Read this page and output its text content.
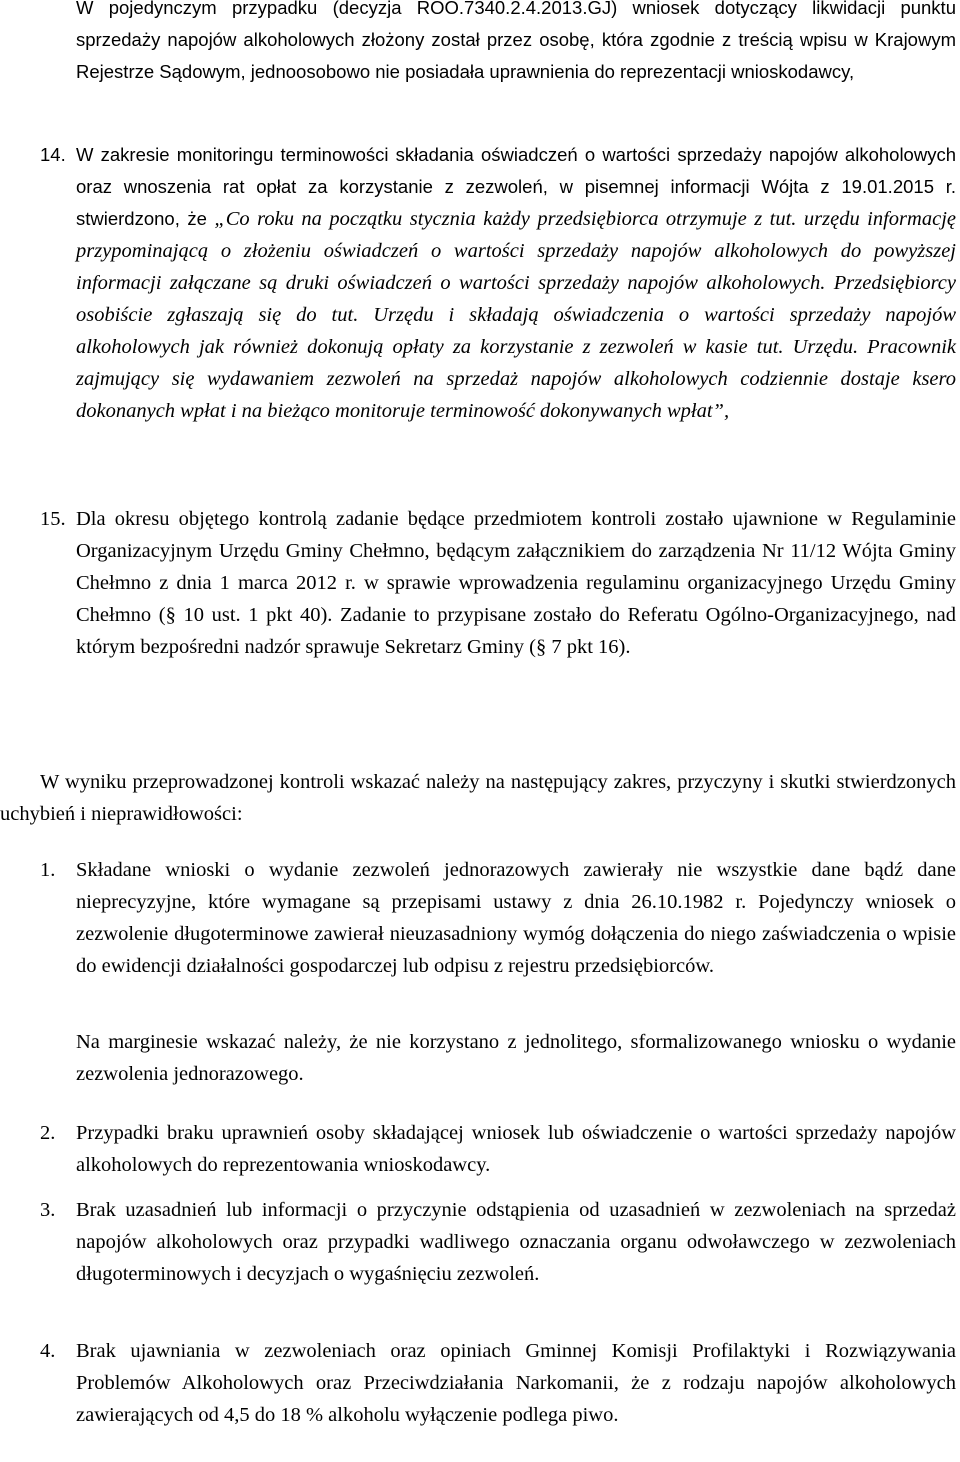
W pojedynczym przypadku (decyzja ROO.7340.2.4.2013.GJ) wniosek dotyczący likwidacji punktu sprzedaży napojów alkoholowych złożony został przez osobę, która zgodnie z treścią wpisu w Krajowym Rejestrze Sądowym, jednoosobowo nie posiadała uprawnienia do reprezentacji wnioskodawcy,

14. W zakresie monitoringu terminowości składania oświadczeń o wartości sprzedaży napojów alkoholowych oraz wnoszenia rat opłat za korzystanie z zezwoleń, w pisemnej informacji Wójta z 19.01.2015 r. stwierdzono, że „Co roku na początku stycznia każdy przedsiębiorca otrzymuje z tut. urzędu informację przypominającą o złożeniu oświadczeń o wartości sprzedaży napojów alkoholowych do powyższej informacji załączane są druki oświadczeń o wartości sprzedaży napojów alkoholowych. Przedsiębiorcy osobiście zgłaszają się do tut. Urzędu i składają oświadczenia o wartości sprzedaży napojów alkoholowych jak również dokonują opłaty za korzystanie z zezwoleń w kasie tut. Urzędu. Pracownik zajmujący się wydawaniem zezwoleń na sprzedaż napojów alkoholowych codziennie dostaje ksero dokonanych wpłat i na bieżąco monitoruje terminowość dokonywanych wpłat”,

15. Dla okresu objętego kontrolą zadanie będące przedmiotem kontroli zostało ujawnione w Regulaminie Organizacyjnym Urzędu Gminy Chełmno, będącym załącznikiem do zarządzenia Nr 11/12 Wójta Gminy Chełmno z dnia 1 marca 2012 r. w sprawie wprowadzenia regulaminu organizacyjnego Urzędu Gminy Chełmno (§ 10 ust. 1 pkt 40). Zadanie to przypisane zostało do Referatu Ogólno-Organizacyjnego, nad którym bezpośredni nadzór sprawuje Sekretarz Gminy (§ 7 pkt 16).

W wyniku przeprowadzonej kontroli wskazać należy na następujący zakres, przyczyny i skutki stwierdzonych uchybień i nieprawidłowości:

1. Składane wnioski o wydanie zezwoleń jednorazowych zawierały nie wszystkie dane bądź dane nieprecyzyjne, które wymagane są przepisami ustawy z dnia 26.10.1982 r. Pojedynczy wniosek o zezwolenie długoterminowe zawierał nieuzasadniony wymóg dołączenia do niego zaświadczenia o wpisie do ewidencji działalności gospodarczej lub odpisu z rejestru przedsiębiorców.

Na marginesie wskazać należy, że nie korzystano z jednolitego, sformalizowanego wniosku o wydanie zezwolenia jednorazowego.

2. Przypadki braku uprawnień osoby składającej wniosek lub oświadczenie o wartości sprzedaży napojów alkoholowych do reprezentowania wnioskodawcy.

3. Brak uzasadnień lub informacji o przyczynie odstąpienia od uzasadnień w zezwoleniach na sprzedaż napojów alkoholowych oraz przypadki wadliwego oznaczania organu odwoławczego w zezwoleniach długoterminowych i decyzjach o wygaśnięciu zezwoleń.

4. Brak ujawniania w zezwoleniach oraz opiniach Gminnej Komisji Profilaktyki i Rozwiązywania Problemów Alkoholowych oraz Przeciwdziałania Narkomanii, że z rodzaju napojów alkoholowych zawierających od 4,5 do 18 % alkoholu wyłączenie podlega piwo.
